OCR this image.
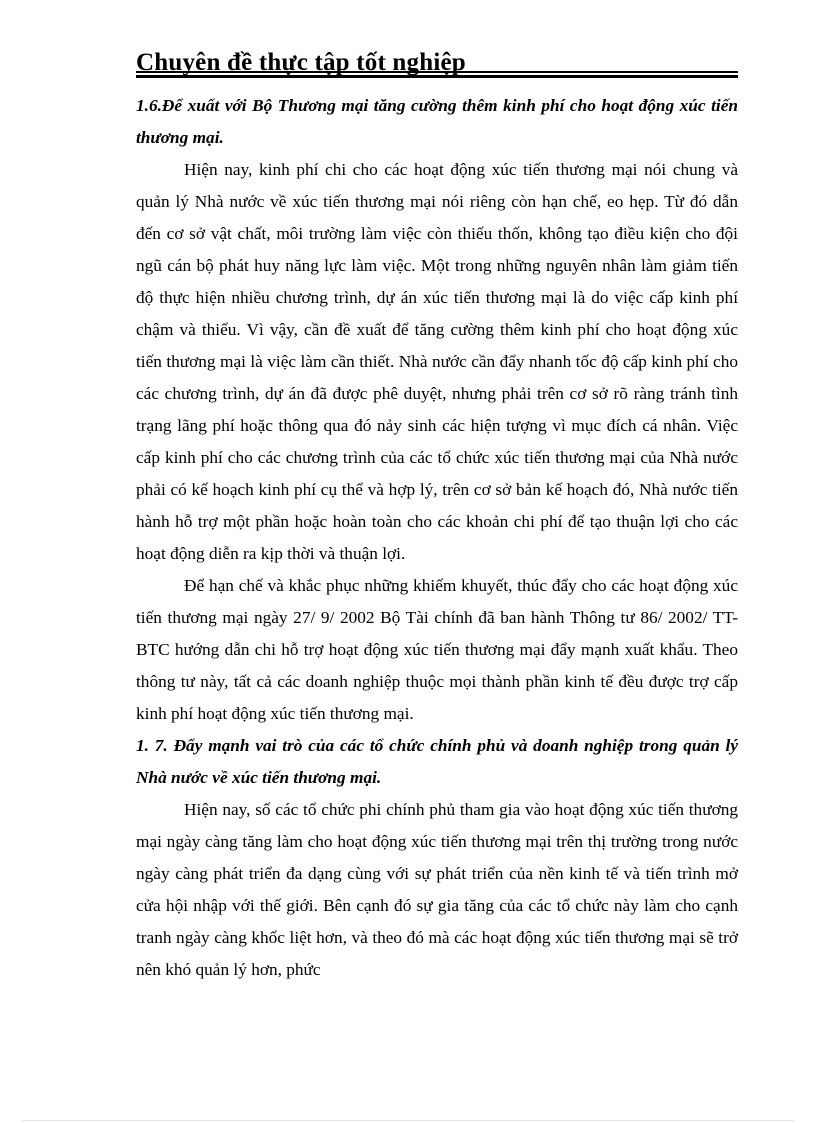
Chuyên đề thực tập tốt nghiệp

1.6.Để xuất với Bộ Thương mại tăng cường thêm kinh phí cho hoạt động xúc tiến thương mại.

Hiện nay, kinh phí chi cho các hoạt động xúc tiến thương mại nói chung và quản lý Nhà nước về xúc tiến thương mại nói riêng còn hạn chế, eo hẹp. Từ đó dẫn đến cơ sở vật chất, môi trường làm việc còn thiếu thốn, không tạo điều kiện cho đội ngũ cán bộ phát huy năng lực làm việc. Một trong những nguyên nhân làm giảm tiến độ thực hiện nhiều chương trình, dự án xúc tiến thương mại là do việc cấp kinh phí chậm và thiếu. Vì vậy, cần đề xuất để tăng cường thêm kinh phí cho hoạt động xúc tiến thương mại là việc làm cần thiết. Nhà nước cần đẩy nhanh tốc độ cấp kinh phí cho các chương trình, dự án đã được phê duyệt, nhưng phải trên cơ sở rõ ràng tránh tình trạng lãng phí hoặc thông qua đó nảy sinh các hiện tượng vì mục đích cá nhân. Việc cấp kinh phí cho các chương trình của các tổ chức xúc tiến thương mại của Nhà nước phải có kế hoạch kinh phí cụ thể và hợp lý, trên cơ sở bản kế hoạch đó, Nhà nước tiến hành hỗ trợ một phần hoặc hoàn toàn cho các khoản chi phí để tạo thuận lợi cho các hoạt động diễn ra kịp thời và thuận lợi.

Để hạn chế và khắc phục những khiếm khuyết, thúc đẩy cho các hoạt động xúc tiến thương mại ngày 27/ 9/ 2002 Bộ Tài chính đã ban hành Thông tư 86/ 2002/ TT-BTC hướng dẫn chi hỗ trợ hoạt động xúc tiến thương mại đẩy mạnh xuất khẩu. Theo thông tư này, tất cả các doanh nghiệp thuộc mọi thành phần kinh tế đều được trợ cấp kinh phí hoạt động xúc tiến thương mại.

1. 7. Đẩy mạnh vai trò của các tổ chức chính phủ và doanh nghiệp trong quản lý Nhà nước về xúc tiến thương mại.

Hiện nay, số các tổ chức phi chính phủ tham gia vào hoạt động xúc tiến thương mại ngày càng tăng làm cho hoạt động xúc tiến thương mại trên thị trường trong nước ngày càng phát triển đa dạng cùng với sự phát triển của nền kinh tế và tiến trình mở cửa hội nhập với thế giới. Bên cạnh đó sự gia tăng của các tổ chức này làm cho cạnh tranh ngày càng khốc liệt hơn, và theo đó mà các hoạt động xúc tiến thương mại sẽ trở nên khó quản lý hơn, phức
